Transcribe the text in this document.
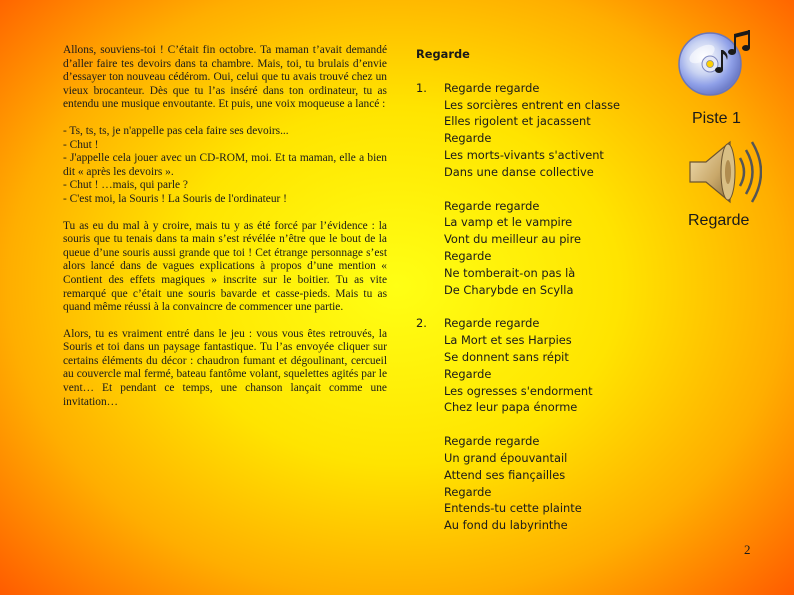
Allons, souviens-toi ! C’était fin octobre. Ta maman t’avait demandé d’aller faire tes devoirs dans ta chambre. Mais, toi, tu brulais d’envie d’essayer ton nouveau cédérom. Oui, celui que tu avais trouvé chez un vieux brocanteur. Dès que tu l’as inséré dans ton ordinateur, tu as entendu une musique envoutante. Et puis, une voix moqueuse a lancé :

- Ts, ts, ts, je n'appelle pas cela faire ses devoirs...
- Chut !
- J'appelle cela jouer avec un CD-ROM, moi. Et ta maman, elle a bien dit « après les devoirs ».
- Chut ! …mais, qui parle ?
- C'est moi, la Souris ! La Souris de l'ordinateur !

Tu as eu du mal à y croire, mais tu y as été forcé par l’évidence : la souris que tu tenais dans ta main s’est révélée n’être que le bout de la queue d’une souris aussi grande que toi ! Cet étrange personnage s’est alors lancé dans de vagues explications à propos d’une mention « Contient des effets magiques » inscrite sur le boitier. Tu as vite remarqué que c’était une souris bavarde et casse-pieds. Mais tu as quand même réussi à la convaincre de commencer une partie.

Alors, tu es vraiment entré dans le jeu : vous vous êtes retrouvés, la Souris et toi dans un paysage fantastique. Tu l’as envoyée cliquer sur certains éléments du décor : chaudron fumant et dégoulinant, cercueil au couvercle mal fermé, bateau fantôme volant, squelettes agités par le vent… Et pendant ce temps, une chanson lançait comme une invitation…

Regarde
1. Regarde regarde
Les sorcières entrent en classe
Elles rigolent et jacassent
Regarde
Les morts-vivants s'activent
Dans une danse collective
Regarde regarde
La vamp et le vampire
Vont du meilleur au pire
Regarde
Ne tomberait-on pas là
De Charybde en Scylla
2. Regarde regarde
La Mort et ses Harpies
Se donnent sans répit
Regarde
Les ogresses s'endorment
Chez leur papa énorme
Regarde regarde
Un grand épouvantail
Attend ses fiançailles
Regarde
Entends-tu cette plainte
Au fond du labyrinthe
Piste 1
Regarde
2
